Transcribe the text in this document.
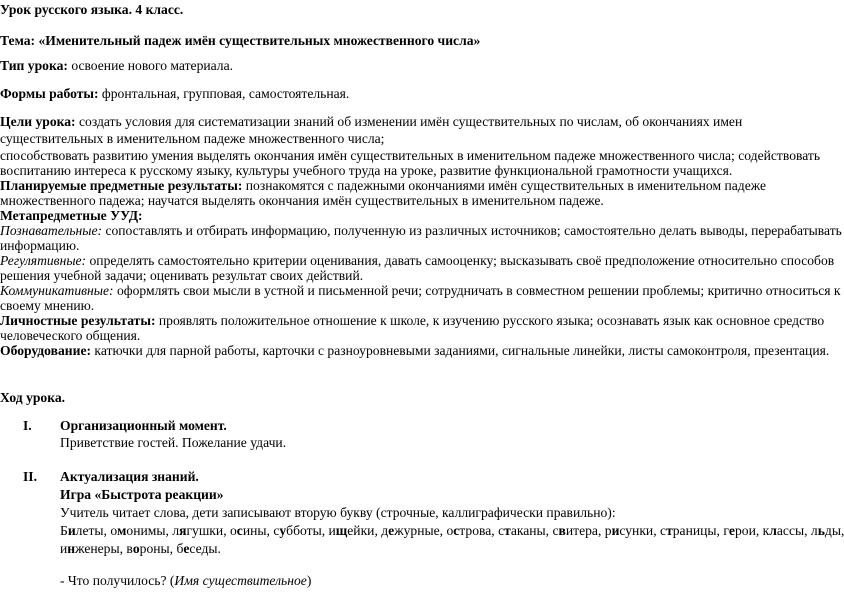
Урок русского языка. 4 класс.
Тема: «Именительный падеж имён существительных множественного числа»
Тип урока: освоение нового материала.
Формы работы: фронтальная, групповая, самостоятельная.
Цели урока: создать условия для систематизации знаний об изменении имён существительных по числам, об окончаниях имен
существительных в именительном падеже множественного числа;
способствовать развитию умения выделять окончания имён существительных в именительном падеже множественного числа; содействовать
воспитанию интереса к русскому языку, культуры учебного труда на уроке, развитие функциональной грамотности учащихся.
Планируемые предметные результаты: познакомятся с падежными окончаниями имён существительных в именительном падеже
множественного падежа; научатся выделять окончания имён существительных в именительном падеже.
Метапредметные УУД:
Познавательные: сопоставлять и отбирать информацию, полученную из различных источников; самостоятельно делать выводы, перерабатывать
информацию.
Регулятивные: определять самостоятельно критерии оценивания, давать самооценку; высказывать своё предположение относительно способов
решения учебной задачи; оценивать результат своих действий.
Коммуникативные: оформлять свои мысли в устной и письменной речи; сотрудничать в совместном решении проблемы; критично относиться к
своему мнению.
Личностные результаты: проявлять положительное отношение к школе, к изучению русского языка; осознавать язык как основное средство
человеческого общения.
Оборудование: катючки для парной работы, карточки с разноуровневыми заданиями, сигнальные линейки, листы самоконтроля, презентация.
Ход урока.
I. Организационный момент.
Приветствие гостей. Пожелание удачи.
II. Актуализация знаний.
Игра «Быстрота реакции»
Учитель читает слова, дети записывают вторую букву (строчные, каллиграфически правильно):
Билеты, омонимы, лягушки, осины, субботы, ищейки, дежурные, острова, стаканы, свитера, рисунки, страницы, герои, классы, льды,
инженеры, вороны, беседы.
- Что получилось? (Имя существительное)
